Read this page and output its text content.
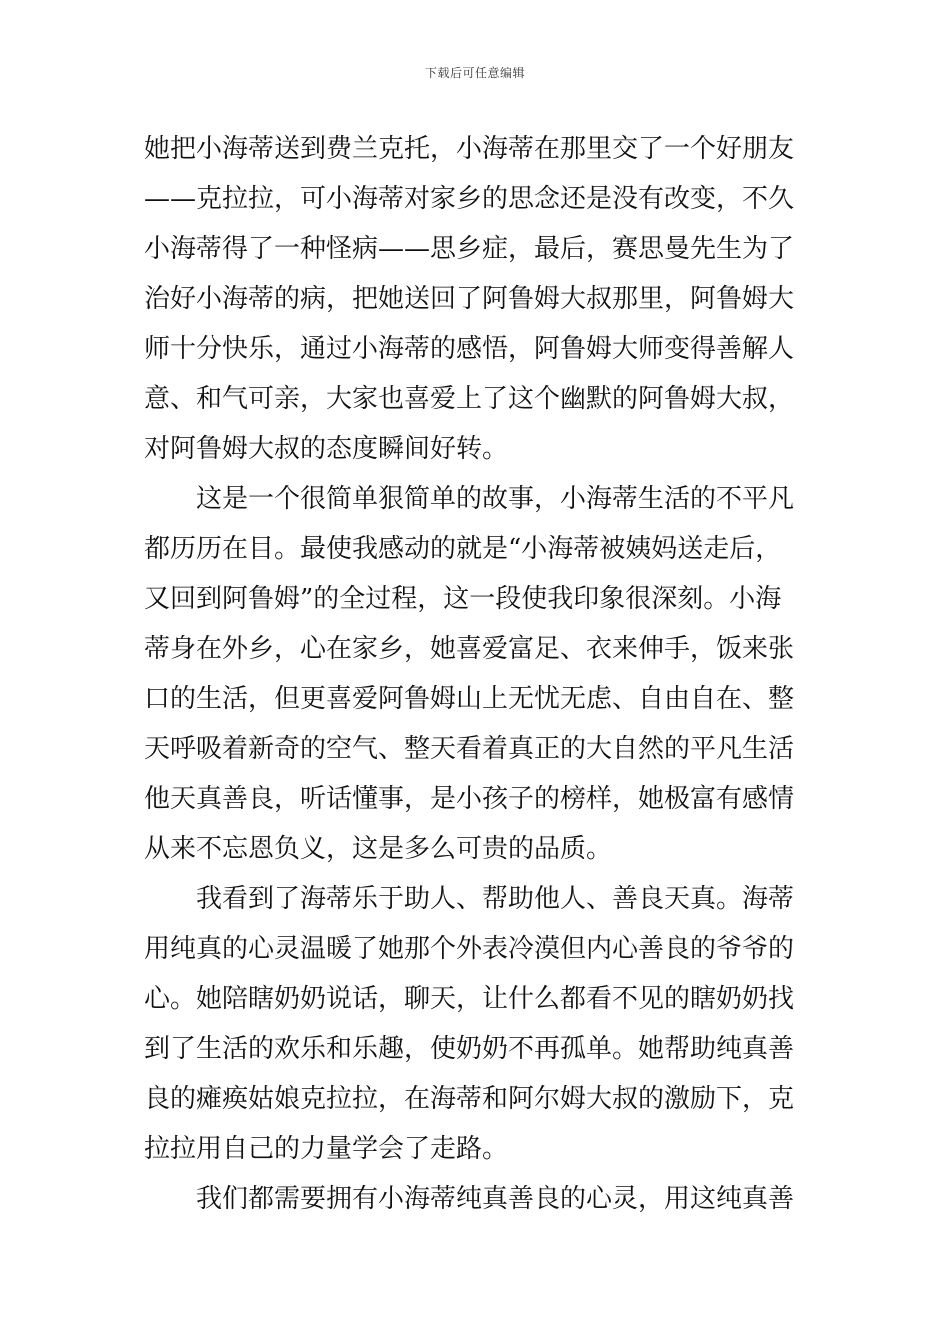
下载后可任意编辑

她把小海蒂送到费兰克托，小海蒂在那里交了一个好朋友
——克拉拉，可小海蒂对家乡的思念还是没有改变，不久
小海蒂得了一种怪病——思乡症，最后，赛思曼先生为了
治好小海蒂的病，把她送回了阿鲁姆大叔那里，阿鲁姆大
师十分快乐，通过小海蒂的感悟，阿鲁姆大师变得善解人
意、和气可亲，大家也喜爱上了这个幽默的阿鲁姆大叔，
对阿鲁姆大叔的态度瞬间好转。

这是一个很简单狠简单的故事，小海蒂生活的不平凡
都历历在目。最使我感动的就是“小海蒂被姨妈送走后，
又回到阿鲁姆”的全过程，这一段使我印象很深刻。小海
蒂身在外乡，心在家乡，她喜爱富足、衣来伸手，饭来张
口的生活，但更喜爱阿鲁姆山上无忧无虑、自由自在、整
天呼吸着新奇的空气、整天看着真正的大自然的平凡生活
他天真善良，听话懂事，是小孩子的榜样，她极富有感情
从来不忘恩负义，这是多么可贵的品质。

我看到了海蒂乐于助人、帮助他人、善良天真。海蒂
用纯真的心灵温暖了她那个外表冷漠但内心善良的爷爷的
心。她陪瞎奶奶说话，聊天，让什么都看不见的瞎奶奶找
到了生活的欢乐和乐趣，使奶奶不再孤单。她帮助纯真善
良的瘫痪姑娘克拉拉，在海蒂和阿尔姆大叔的激励下，克
拉拉用自己的力量学会了走路。

我们都需要拥有小海蒂纯真善良的心灵，用这纯真善
